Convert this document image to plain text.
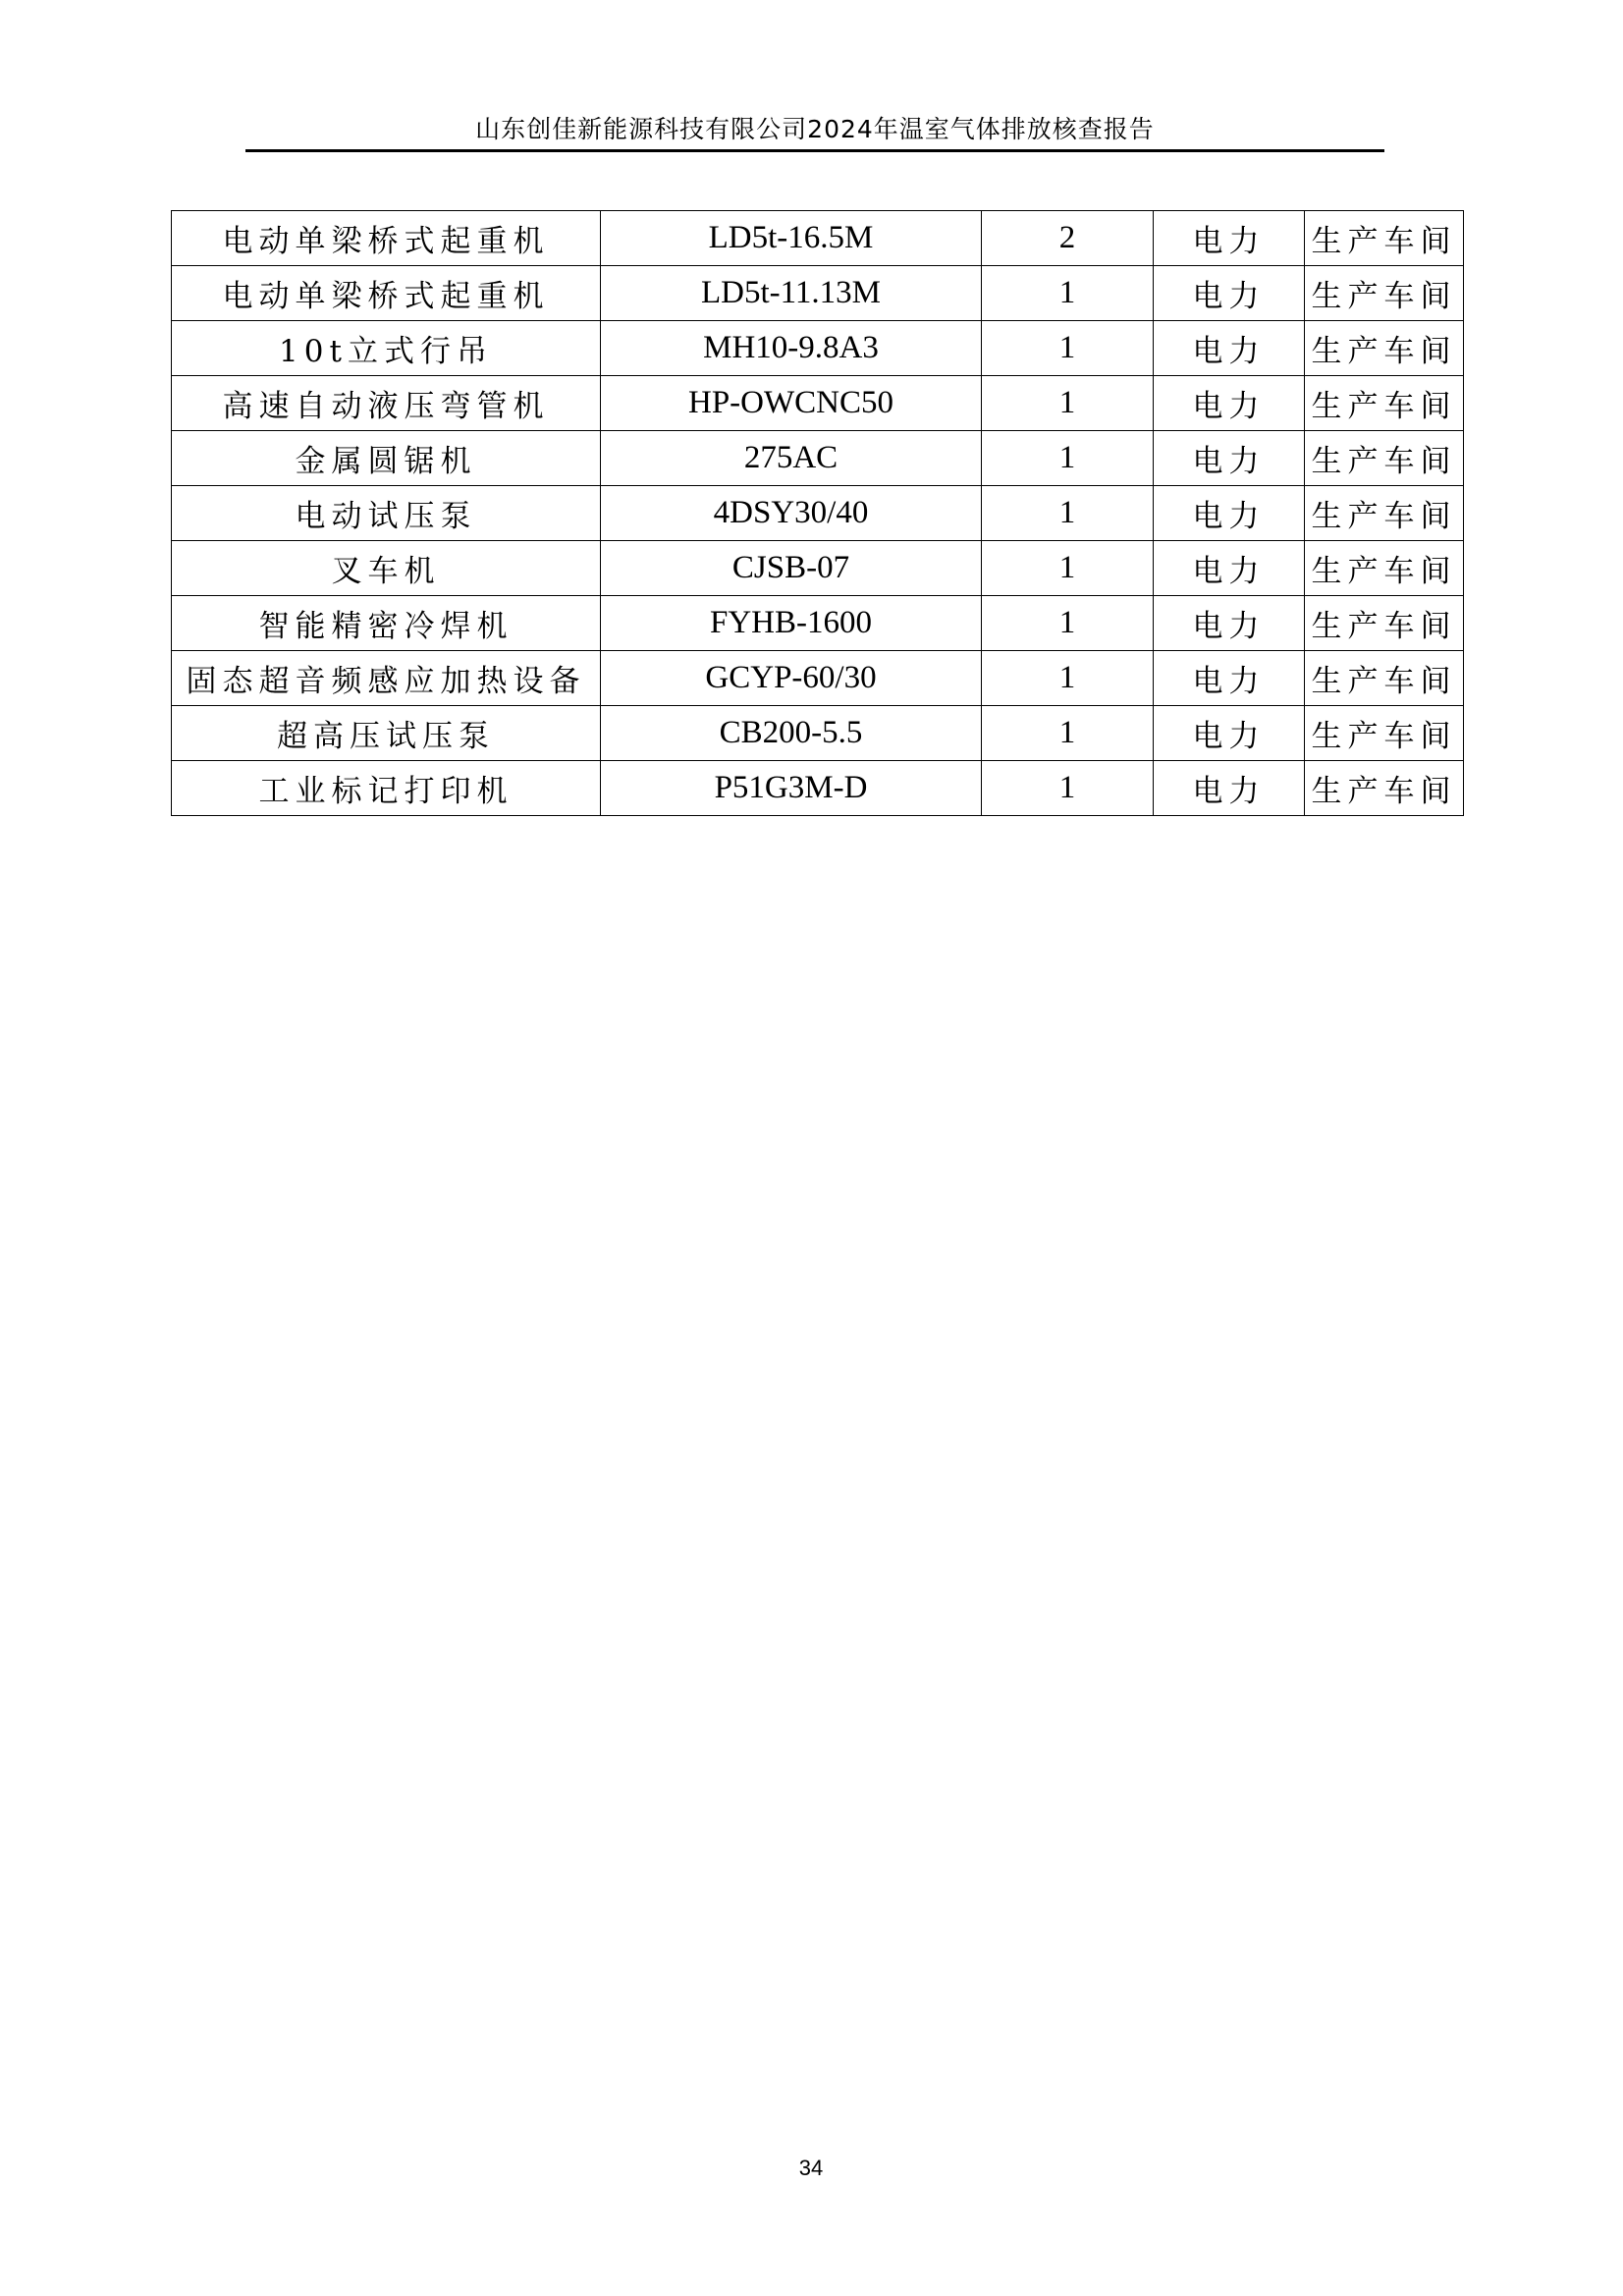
山东创佳新能源科技有限公司2024年温室气体排放核查报告
电动单梁桥式起重机	LD5t-16.5M	2	电力	生产车间
电动单梁桥式起重机	LD5t-11.13M	1	电力	生产车间
10t立式行吊	MH10-9.8A3	1	电力	生产车间
高速自动液压弯管机	HP-OWCNC50	1	电力	生产车间
金属圆锯机	275AC	1	电力	生产车间
电动试压泵	4DSY30/40	1	电力	生产车间
叉车机	CJSB-07	1	电力	生产车间
智能精密冷焊机	FYHB-1600	1	电力	生产车间
固态超音频感应加热设备	GCYP-60/30	1	电力	生产车间
超高压试压泵	CB200-5.5	1	电力	生产车间
工业标记打印机	P51G3M-D	1	电力	生产车间
34
